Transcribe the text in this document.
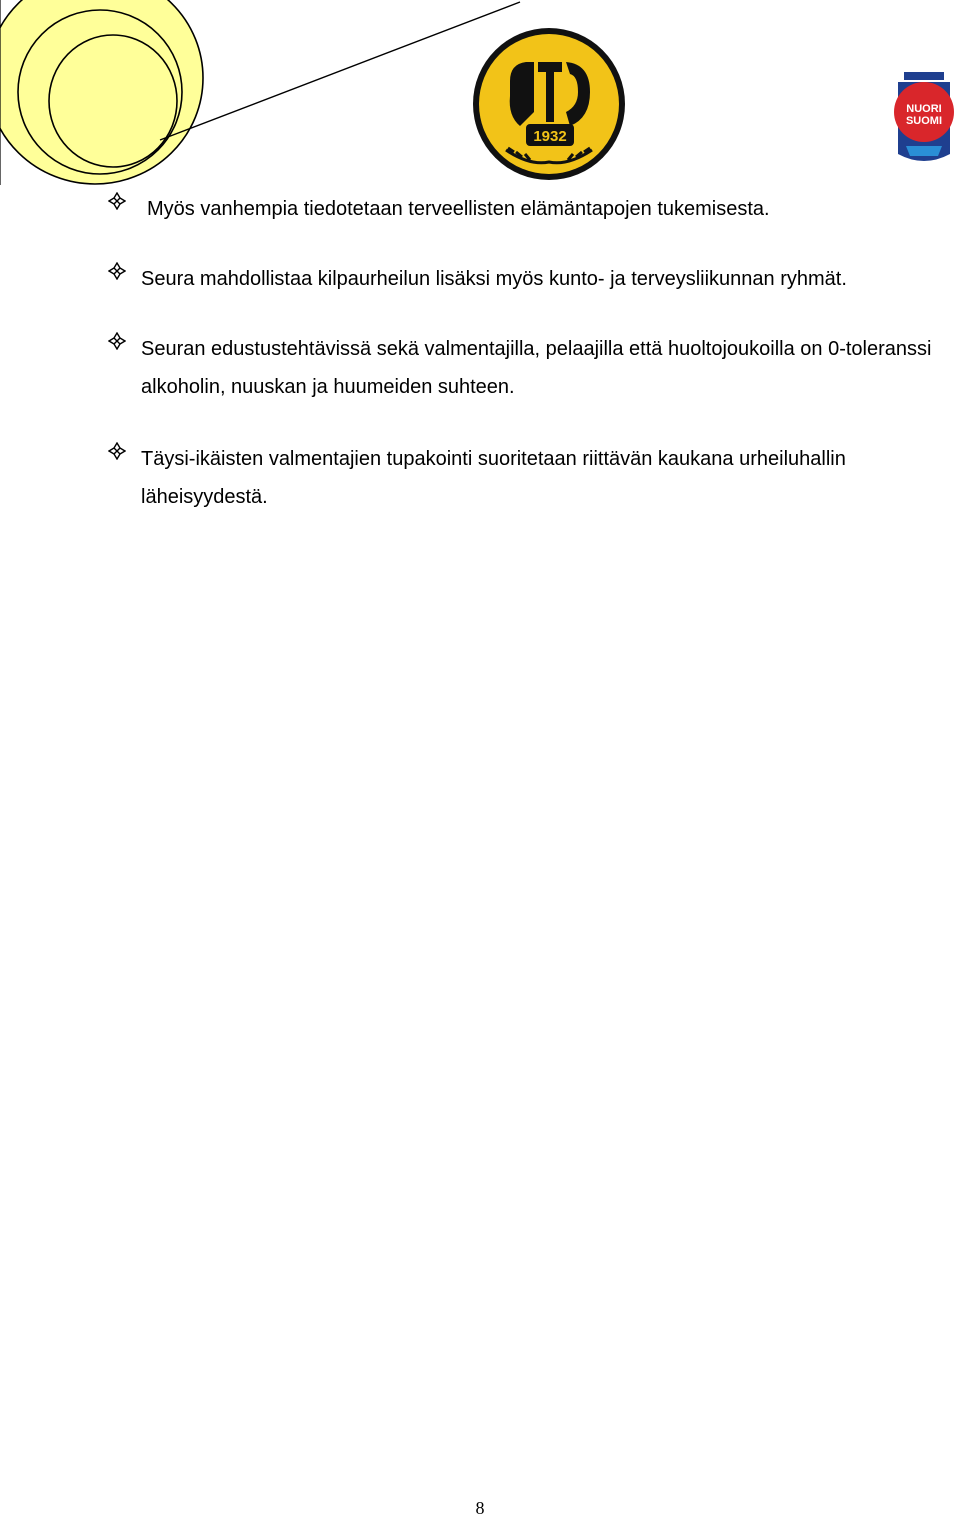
1932
NUORI
SUOMI
Myös vanhempia tiedotetaan terveellisten elämäntapojen tukemisesta.
Seura mahdollistaa kilpaurheilun lisäksi myös kunto- ja terveysliikunnan ryhmät.
Seuran edustustehtävissä sekä valmentajilla, pelaajilla että huoltojoukoilla on 0-toleranssi alkoholin, nuuskan ja huumeiden suhteen.
Täysi-ikäisten valmentajien tupakointi suoritetaan riittävän kaukana urheiluhallin läheisyydestä.
8
